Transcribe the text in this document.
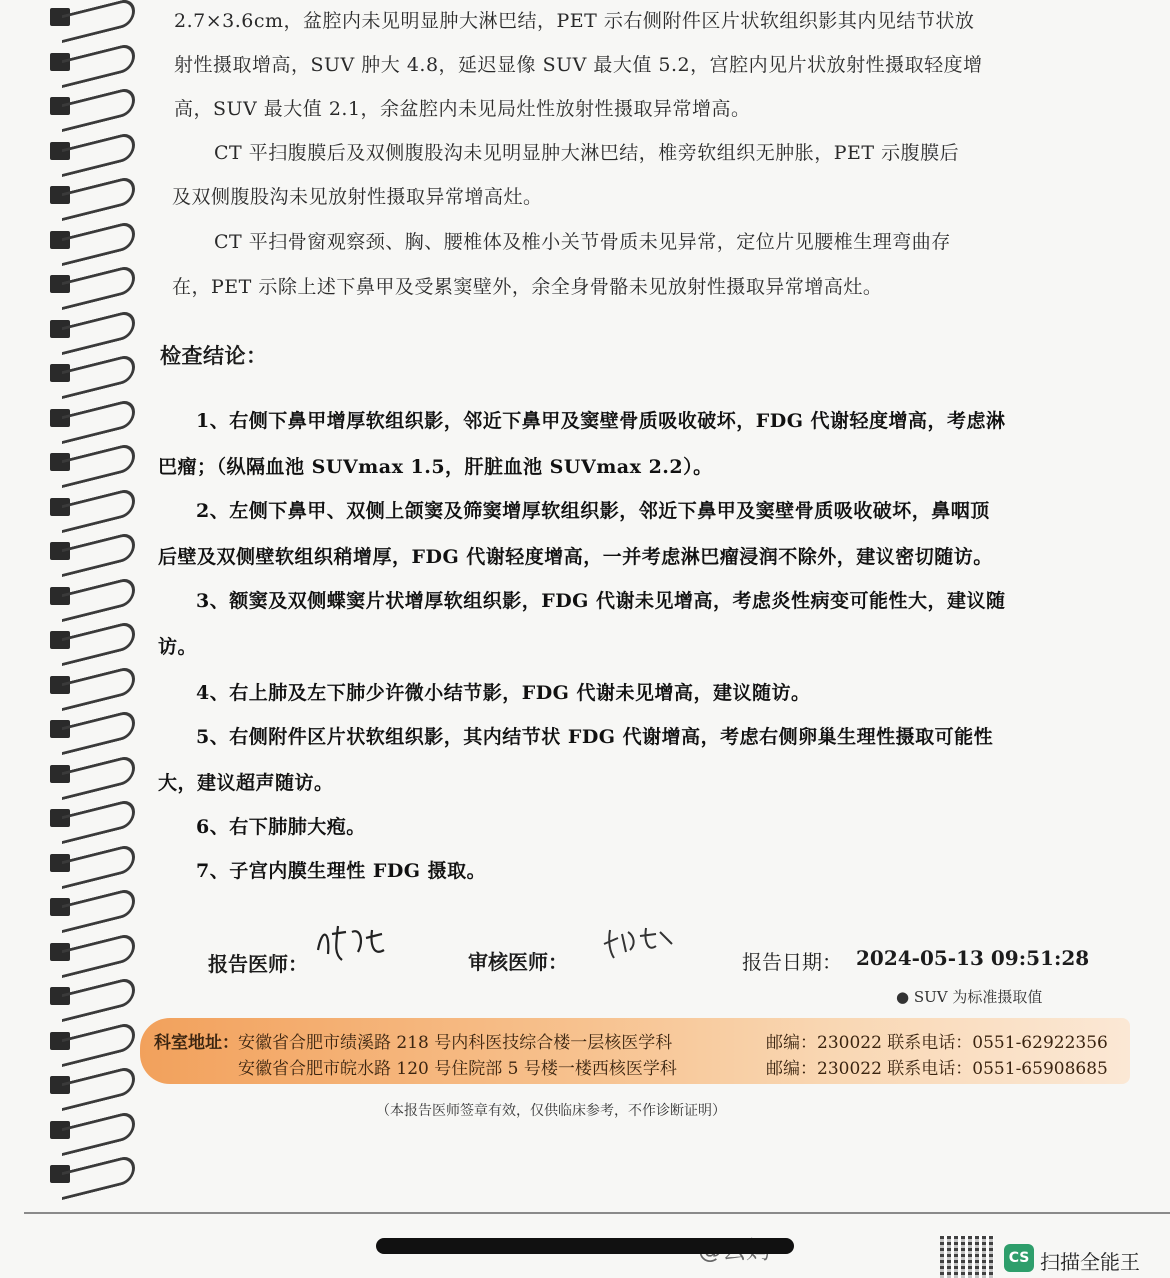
2.7×3.6cm，盆腔内未见明显肿大淋巴结，PET 示右侧附件区片状软组织影其内见结节状放
射性摄取增高，SUV 肿大 4.8，延迟显像 SUV 最大值 5.2，宫腔内见片状放射性摄取轻度增
高，SUV 最大值 2.1，余盆腔内未见局灶性放射性摄取异常增高。
CT 平扫腹膜后及双侧腹股沟未见明显肿大淋巴结，椎旁软组织无肿胀，PET 示腹膜后
及双侧腹股沟未见放射性摄取异常增高灶。
CT 平扫骨窗观察颈、胸、腰椎体及椎小关节骨质未见异常，定位片见腰椎生理弯曲存
在，PET 示除上述下鼻甲及受累窦壁外，余全身骨骼未见放射性摄取异常增高灶。
检查结论：
1、右侧下鼻甲增厚软组织影，邻近下鼻甲及窦壁骨质吸收破坏，FDG 代谢轻度增高，考虑淋
巴瘤；（纵隔血池 SUVmax 1.5，肝脏血池 SUVmax 2.2）。
2、左侧下鼻甲、双侧上颌窦及筛窦增厚软组织影，邻近下鼻甲及窦壁骨质吸收破坏，鼻咽顶
后壁及双侧壁软组织稍增厚，FDG 代谢轻度增高，一并考虑淋巴瘤浸润不除外，建议密切随访。
3、额窦及双侧蝶窦片状增厚软组织影，FDG 代谢未见增高，考虑炎性病变可能性大，建议随
访。
4、右上肺及左下肺少许微小结节影，FDG 代谢未见增高，建议随访。
5、右侧附件区片状软组织影，其内结节状 FDG 代谢增高，考虑右侧卵巢生理性摄取可能性
大，建议超声随访。
6、右下肺肺大疱。
7、子宫内膜生理性 FDG 摄取。
报告医师：	审核医师：	报告日期： 2024-05-13 09:51:28
● SUV 为标准摄取值
科室地址： 安徽省合肥市绩溪路 218 号内科医技综合楼一层核医学科	邮编：230022 联系电话：0551-62922356
安徽省合肥市皖水路 120 号住院部 5 号楼一楼西核医学科	邮编：230022 联系电话：0551-65908685
（本报告医师签章有效，仅供临床参考，不作诊断证明）
CS 扫描全能王
